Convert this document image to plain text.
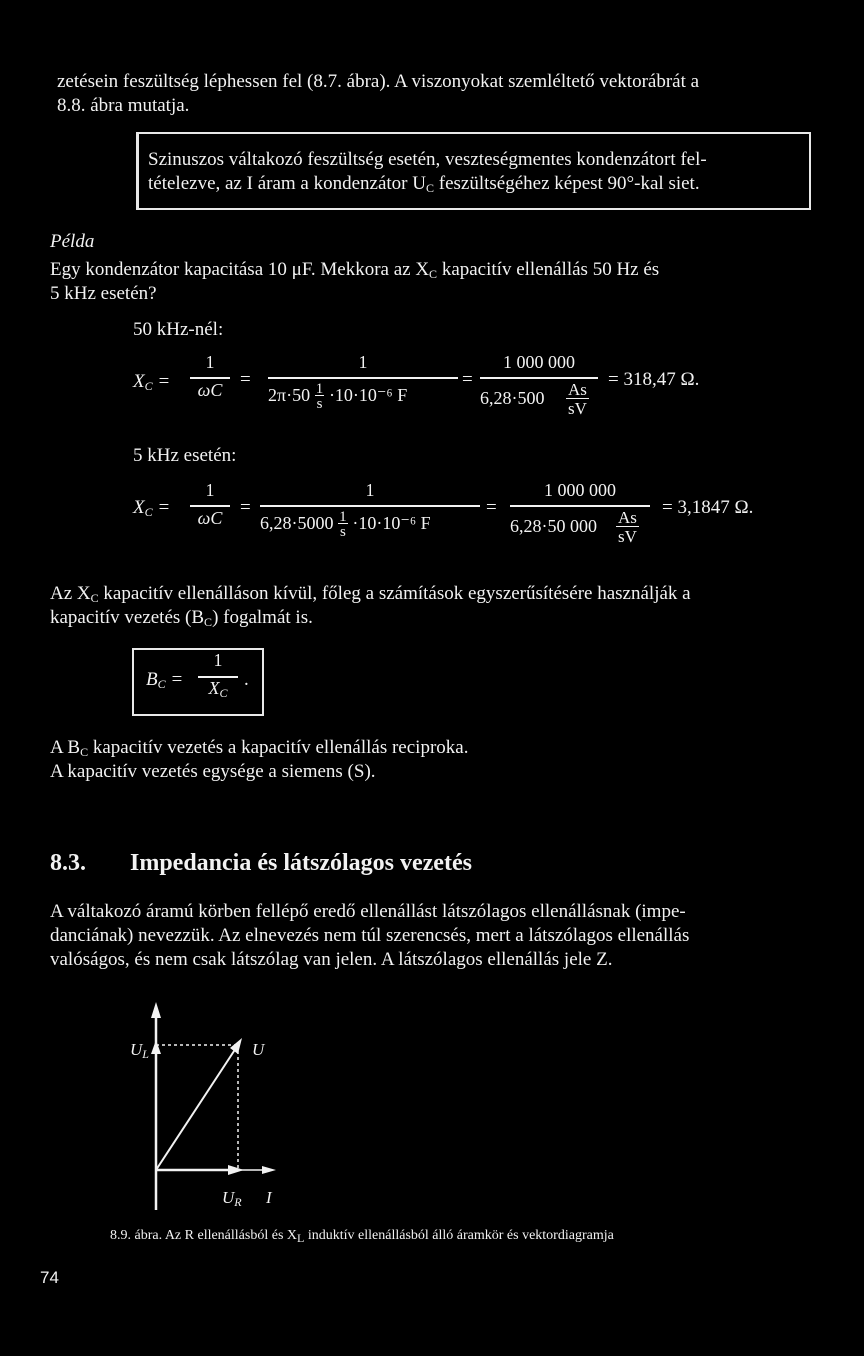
zetésein feszültség léphessen fel (8.7. ábra). A viszonyokat szemléltető vektorábrát a
8.8. ábra mutatja.
Szinuszos váltakozó feszültség esetén, veszteségmentes kondenzátort fel-
tételezve, az I áram a kondenzátor $U_C$ feszültségéhez képest 90°-kal siet.
Példa
Egy kondenzátor kapacitása 10 μF. Mekkora az $X_C$ kapacitív ellenállás 50 Hz és
5 kHz esetén?
50 kHz-nél:
$X_C$ =
1
ωC =
1
$2\pi\cdot 50 \frac{1}{s} \cdot 10\cdot 10^{-6}$ F
=
1 000 000
$6,28\cdot 500 \frac{As}{sV}$
= 318,47 Ω.
5 kHz esetén:
$X_C$ =
1
ωC =
1
$6,28\cdot 5000 \frac{1}{s} \cdot 10\cdot 10^{-6}$ F
=
1 000 000
6,28·50 $000 \frac{As}{sV}$
= 3,1847 Ω.
Az $X_C$ kapacitív ellenálláson kívül, főleg a számítások egyszerűsítésére használják a
kapacitív vezetés $(B_C)$ fogalmát is.
$B_C$ =
1
$X_C$
.
A $B_C$ kapacitív vezetés a kapacitív ellenállás reciproka.
A kapacitív vezetés egysége a siemens (S).
8.3. Impedancia és látszólagos vezetés
A váltakozó áramú körben fellépő eredő ellenállást látszólagos ellenállásnak (impe-
danciának) nevezzük. Az elnevezés nem túl szerencsés, mert a látszólagos ellenállás
valóságos, és nem csak látszólag van jelen. A látszólagos ellenállás jele Z.
$U_L$	U
$U_R$ I
8.9. ábra. Az R ellenállásból és $X_L$ induktív ellenállásból álló áramkör és vektordiagramja
74
